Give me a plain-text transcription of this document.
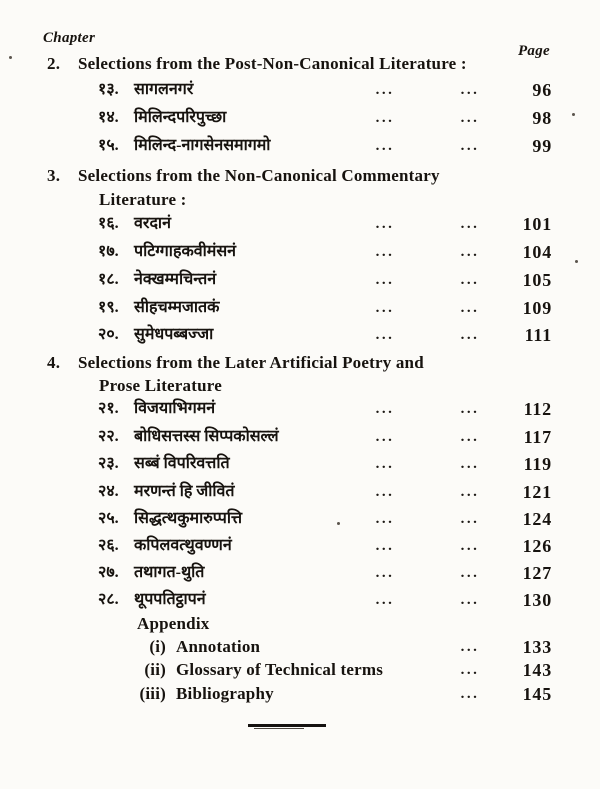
Chapter
Page
2. Selections from the Post-Non-Canonical Literature :
१३. सागलनगरं	...	...	96
१४. मिलिन्दपरिपुच्छा	...	...	98
१५. मिलिन्द-नागसेनसमागमो	...	...	99
3. Selections from the Non-Canonical Commentary
Literature :
१६. वरदानं	...	...	101
१७. पटिग्गाहकवीमंसनं	...	...	104
१८. नेक्खम्मचिन्तनं	...	...	105
१९. सीहचम्मजातकं	...	...	109
२०. सुमेधपब्बज्जा	...	...	111
4. Selections from the Later Artificial Poetry and
Prose Literature
२१. विजयाभिगमनं	...	...	112
२२. बोधिसत्तस्स सिप्पकोसल्लं	...	...	117
२३. सब्बं विपरिवत्तति	...	...	119
२४. मरणन्तं हि जीवितं	...	...	121
२५. सिद्धत्थकुमारुप्पत्ति	...	...	124
२६. कपिलवत्थुवण्णनं	...	...	126
२७. तथागत-थुति	...	...	127
२८. थूपपतिट्ठापनं	...	...	130
Appendix
(i) Annotation	...	133
(ii) Glossary of Technical terms	...	143
(iii) Bibliography	...	145
